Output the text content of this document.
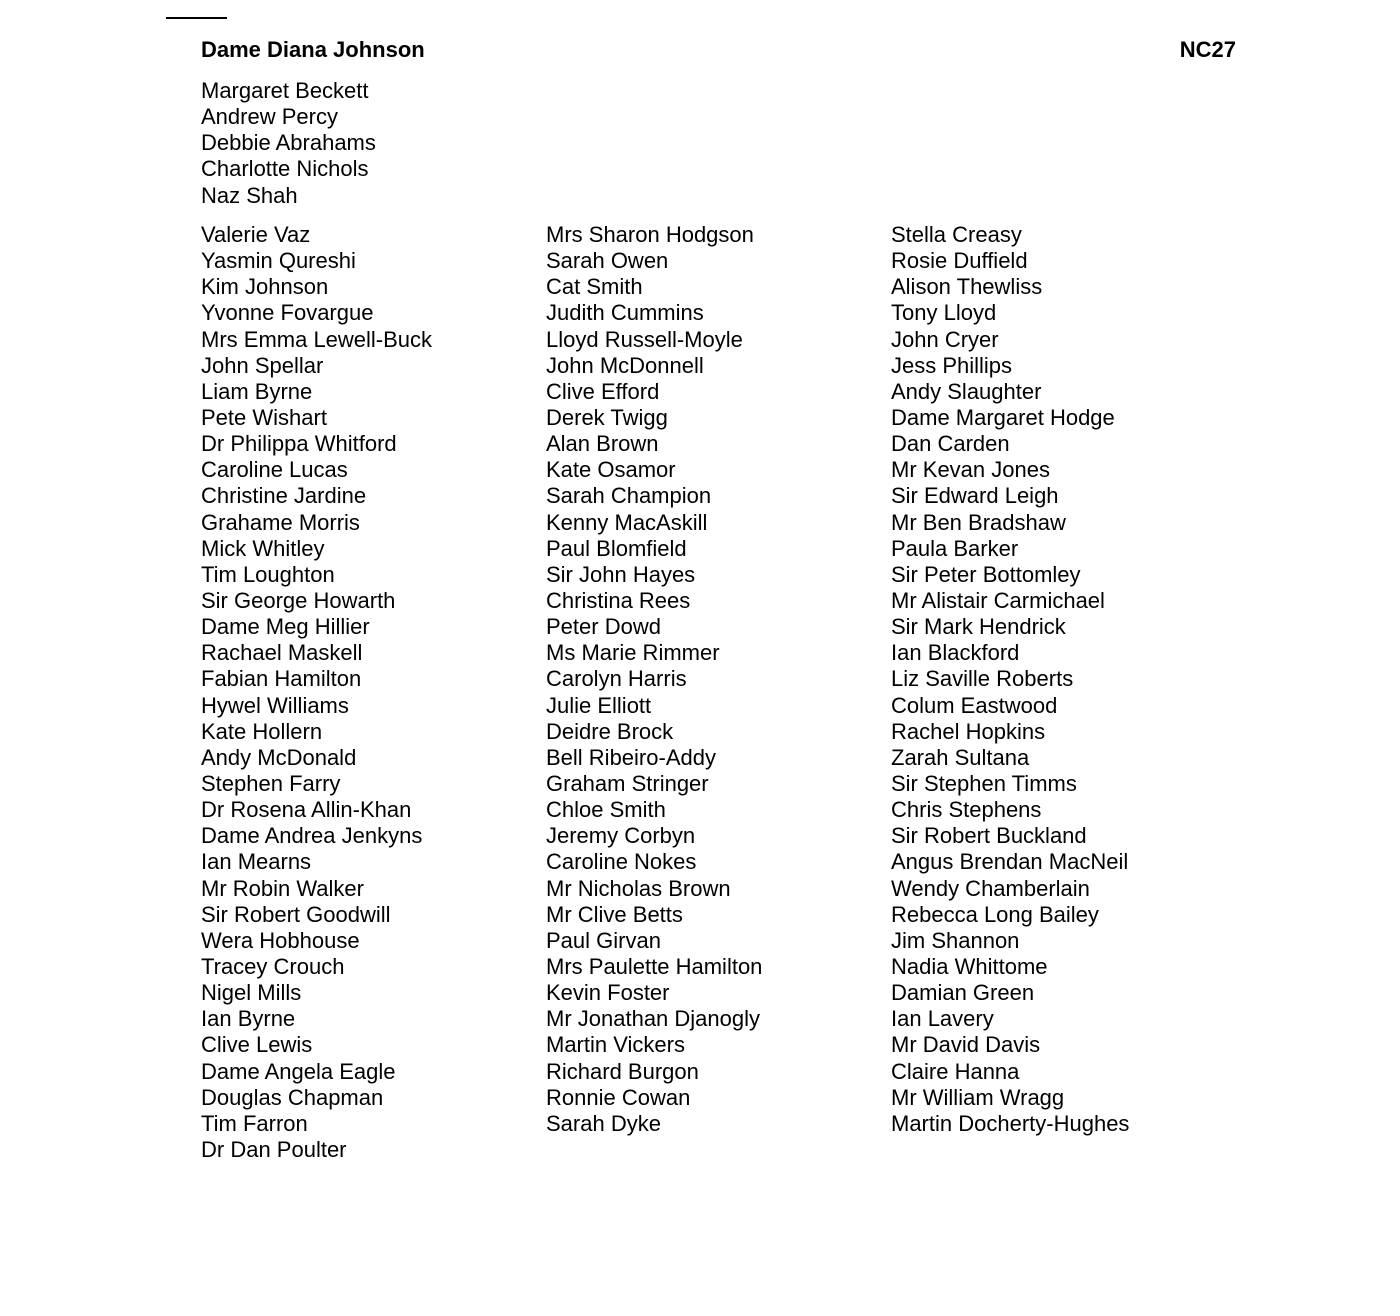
Dame Diana Johnson	NC27
Margaret Beckett
Andrew Percy
Debbie Abrahams
Charlotte Nichols
Naz Shah
Valerie Vaz
Yasmin Qureshi
Kim Johnson
Yvonne Fovargue
Mrs Emma Lewell-Buck
John Spellar
Liam Byrne
Pete Wishart
Dr Philippa Whitford
Caroline Lucas
Christine Jardine
Grahame Morris
Mick Whitley
Tim Loughton
Sir George Howarth
Dame Meg Hillier
Rachael Maskell
Fabian Hamilton
Hywel Williams
Kate Hollern
Andy McDonald
Stephen Farry
Dr Rosena Allin-Khan
Dame Andrea Jenkyns
Ian Mearns
Mr Robin Walker
Sir Robert Goodwill
Wera Hobhouse
Tracey Crouch
Nigel Mills
Ian Byrne
Clive Lewis
Dame Angela Eagle
Douglas Chapman
Tim Farron
Dr Dan Poulter
Mrs Sharon Hodgson
Sarah Owen
Cat Smith
Judith Cummins
Lloyd Russell-Moyle
John McDonnell
Clive Efford
Derek Twigg
Alan Brown
Kate Osamor
Sarah Champion
Kenny MacAskill
Paul Blomfield
Sir John Hayes
Christina Rees
Peter Dowd
Ms Marie Rimmer
Carolyn Harris
Julie Elliott
Deidre Brock
Bell Ribeiro-Addy
Graham Stringer
Chloe Smith
Jeremy Corbyn
Caroline Nokes
Mr Nicholas Brown
Mr Clive Betts
Paul Girvan
Mrs Paulette Hamilton
Kevin Foster
Mr Jonathan Djanogly
Martin Vickers
Richard Burgon
Ronnie Cowan
Sarah Dyke
Stella Creasy
Rosie Duffield
Alison Thewliss
Tony Lloyd
John Cryer
Jess Phillips
Andy Slaughter
Dame Margaret Hodge
Dan Carden
Mr Kevan Jones
Sir Edward Leigh
Mr Ben Bradshaw
Paula Barker
Sir Peter Bottomley
Mr Alistair Carmichael
Sir Mark Hendrick
Ian Blackford
Liz Saville Roberts
Colum Eastwood
Rachel Hopkins
Zarah Sultana
Sir Stephen Timms
Chris Stephens
Sir Robert Buckland
Angus Brendan MacNeil
Wendy Chamberlain
Rebecca Long Bailey
Jim Shannon
Nadia Whittome
Damian Green
Ian Lavery
Mr David Davis
Claire Hanna
Mr William Wragg
Martin Docherty-Hughes
